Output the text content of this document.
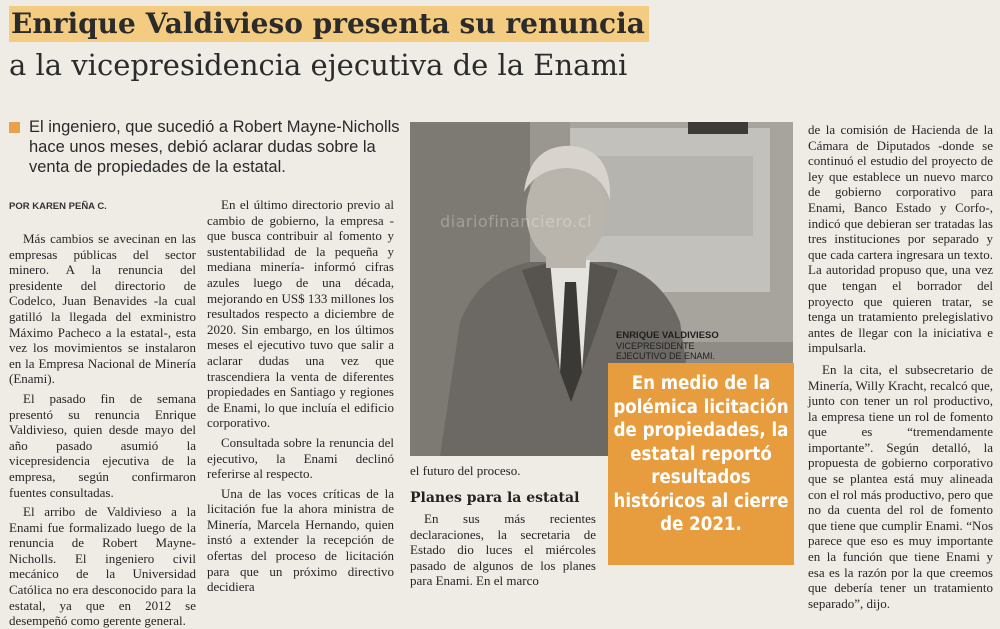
Enrique Valdivieso presenta su renuncia
a la vicepresidencia ejecutiva de la Enami
El ingeniero, que sucedió a Robert Mayne-Nicholls hace unos meses, debió aclarar dudas sobre la venta de propiedades de la estatal.
POR KAREN PEÑA C.

Más cambios se avecinan en las empresas públicas del sector minero. A la renuncia del presidente del directorio de Codelco, Juan Benavides -la cual gatilló la llegada del exministro Máximo Pacheco a la estatal-, esta vez los movimientos se instalaron en la Empresa Nacional de Minería (Enami).

El pasado fin de semana presentó su renuncia Enrique Valdivieso, quien desde mayo del año pasado asumió la vicepresidencia ejecutiva de la empresa, según confirmaron fuentes consultadas.

El arribo de Valdivieso a la Enami fue formalizado luego de la renuncia de Robert Mayne-Nicholls. El ingeniero civil mecánico de la Universidad Católica no era desconocido para la estatal, ya que en 2012 se desempeñó como gerente general.

En el último directorio previo al cambio de gobierno, la empresa -que busca contribuir al fomento y sustentabilidad de la pequeña y mediana minería- informó cifras azules luego de una década, mejorando en US$ 133 millones los resultados respecto a diciembre de 2020. Sin embargo, en los últimos meses el ejecutivo tuvo que salir a aclarar dudas una vez que trascendiera la venta de diferentes propiedades en Santiago y regiones de Enami, lo que incluía el edificio corporativo.

Consultada sobre la renuncia del ejecutivo, la Enami declinó referirse al respecto.

Una de las voces críticas de la licitación fue la ahora ministra de Minería, Marcela Hernando, quien instó a extender la recepción de ofertas del proceso de licitación para que un próximo directivo decidiera

diariofinanciero.cl
ENRIQUE VALDIVIESO
VICEPRESIDENTE EJECUTIVO DE ENAMI.
En medio de la polémica licitación de propiedades, la estatal reportó resultados históricos al cierre de 2021.

el futuro del proceso.

Planes para la estatal

En sus más recientes declaraciones, la secretaria de Estado dio luces el miércoles pasado de algunos de los planes para Enami. En el marco

de la comisión de Hacienda de la Cámara de Diputados -donde se continuó el estudio del proyecto de ley que establece un nuevo marco de gobierno corporativo para Enami, Banco Estado y Corfo-, indicó que debieran ser tratadas las tres instituciones por separado y que cada cartera ingresara un texto. La autoridad propuso que, una vez que tengan el borrador del proyecto que quieren tratar, se tenga un tratamiento prelegislativo antes de llegar con la iniciativa e impulsarla.

En la cita, el subsecretario de Minería, Willy Kracht, recalcó que, junto con tener un rol productivo, la empresa tiene un rol de fomento que es “tremendamente importante”. Según detalló, la propuesta de gobierno corporativo que se plantea está muy alineada con el rol más productivo, pero que no da cuenta del rol de fomento que tiene que cumplir Enami. “Nos parece que eso es muy importante en la función que tiene Enami y esa es la razón por la que creemos que debería tener un tratamiento separado”, dijo.
